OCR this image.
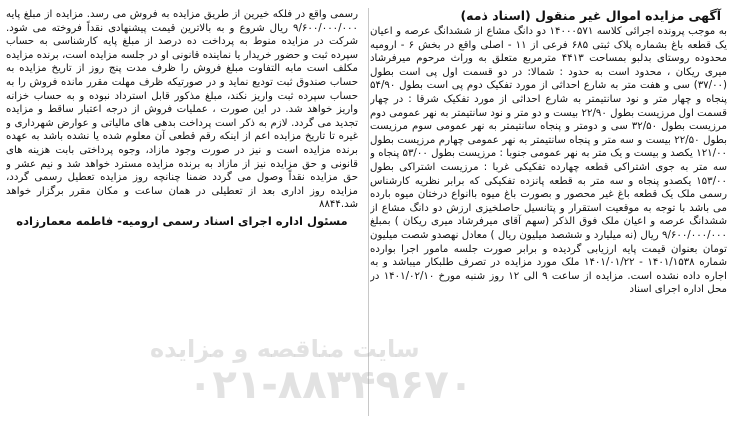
آگهی مزایده اموال غیر منقول (اسناد ذمه)

به موجب پرونده اجرائی کلاسه ۱۴۰۰۰۵۷۱ دو دانگ مشاع از ششدانگ عرصه و اعیان یک قطعه باغ بشماره پلاک ثبتی ۶۸۵ فرعی از ۱۱ - اصلی واقع در بخش ۶ - ارومیه محدوده روستای بدلبو بمساحت ۴۴۱۳ مترمربع متعلق به وراث مرحوم میرفرشاد میری ریکان ، محدود است به حدود : شمالا: در دو قسمت اول پی است بطول (۳۷/۰۰) سی و هفت متر به شارع احداثی از مورد تفکیک دوم پی است بطول ۵۴/۹۰ پنجاه و چهار متر و نود سانتیمتر به شارع احداثی از مورد تفکیک شرقا : در چهار قسمت اول مرزیست بطول ۲۲/۹۰ بیست و دو متر و نود سانتیمتر به نهر عمومی دوم مرزیست بطول ۳۲/۵۰ سی و دومتر و پنجاه سانتیمتر به نهر عمومی سوم مرزیست بطول ۲۲/۵۰ بیست و سه متر و پنجاه سانتیمتر به نهر عمومی چهارم مرزیست بطول ۱۲۱/۰۰ یکصد و بیست و یک متر به نهر عمومی جنوبا : مرزیست بطول ۵۳/۰۰ پنجاه و سه متر به جوی اشتراکی قطعه چهارده تفکیکی غربا : مرزیست اشتراکی بطول ۱۵۳/۰۰ یکصدو پنجاه و سه متر به قطعه پانزده تفکیکی که برابر نظریه کارشناس رسمی ملک یک قطعه باغ غیر محصور و بصورت باغ میوه باانواع درختان میوه بارده می باشد با توجه به موقعیت استقرار و پتانسیل حاصلخیزی ارزش دو دانگ مشاع از ششدانگ عرصه و اعیان ملک فوق الذکر (سهم آقای میرفرشاد میری ریکان ) بمبلغ ۹/۶۰۰/۰۰۰/۰۰۰ ریال (نه میلیارد و ششصد میلیون ریال ) معادل نهصدو شصت میلیون تومان بعنوان قیمت پایه ارزیابی گردیده و برابر صورت جلسه مامور اجرا بوارده شماره ۱۴۰۱/۱۵۳۸ - ۱۴۰۱/۰۱/۲۲ ملک مورد مزایده در تصرف طلبکار میباشد و به اجاره داده نشده است. مزایده از ساعت ۹ الی ۱۲ روز شنبه مورخ ۱۴۰۱/۰۲/۱۰ در محل اداره اجرای اسناد

رسمی واقع در فلکه خیرین از طریق مزایده به فروش می رسد. مزایده از مبلغ پایه ۹/۶۰۰/۰۰۰/۰۰۰ ریال شروع و به بالاترین قیمت پیشنهادی نقداً فروخته می شود. شرکت در مزایده منوط به پرداخت ده درصد از مبلغ پایه کارشناسی به حساب سپرده ثبت و حضور خریدار یا نماینده قانونی او در جلسه مزایده است، برنده مزایده مکلف است مابه التفاوت مبلغ فروش را ظرف مدت پنج روز از تاریخ مزایده به حساب صندوق ثبت تودیع نماید و در صورتیکه ظرف مهلت مقرر مانده فروش را به حساب سپرده ثبت واریز نکند، مبلغ مذکور قابل استرداد نبوده و به حساب خزانه واریز خواهد شد. در این صورت ، عملیات فروش از درجه اعتبار ساقط و مزایده تجدید می گردد. لازم به ذکر است پرداخت بدهی های مالیاتی و عوارض شهرداری و غیره تا تاریخ مزایده اعم از اینکه رقم قطعی آن معلوم شده یا نشده باشد به عهده برنده مزایده است و نیز در صورت وجود مازاد، وجوه پرداختی بابت هزینه های قانونی و حق مزایده نیز از مازاد به برنده مزایده مسترد خواهد شد و نیم عشر و حق مزایده نقداً وصول می گردد ضمنا چنانچه روز مزایده تعطیل رسمی گردد، مزایده روز اداری بعد از تعطیلی در همان ساعت و مکان مقرر برگزار خواهد شد.۸۸۴۴

مسئول اداره اجرای اسناد رسمی ارومیه- فاطمه معمارزاده
سایت مناقصه و مزایده
۰۲۱-۸۸۳۴۹۶۷۰
